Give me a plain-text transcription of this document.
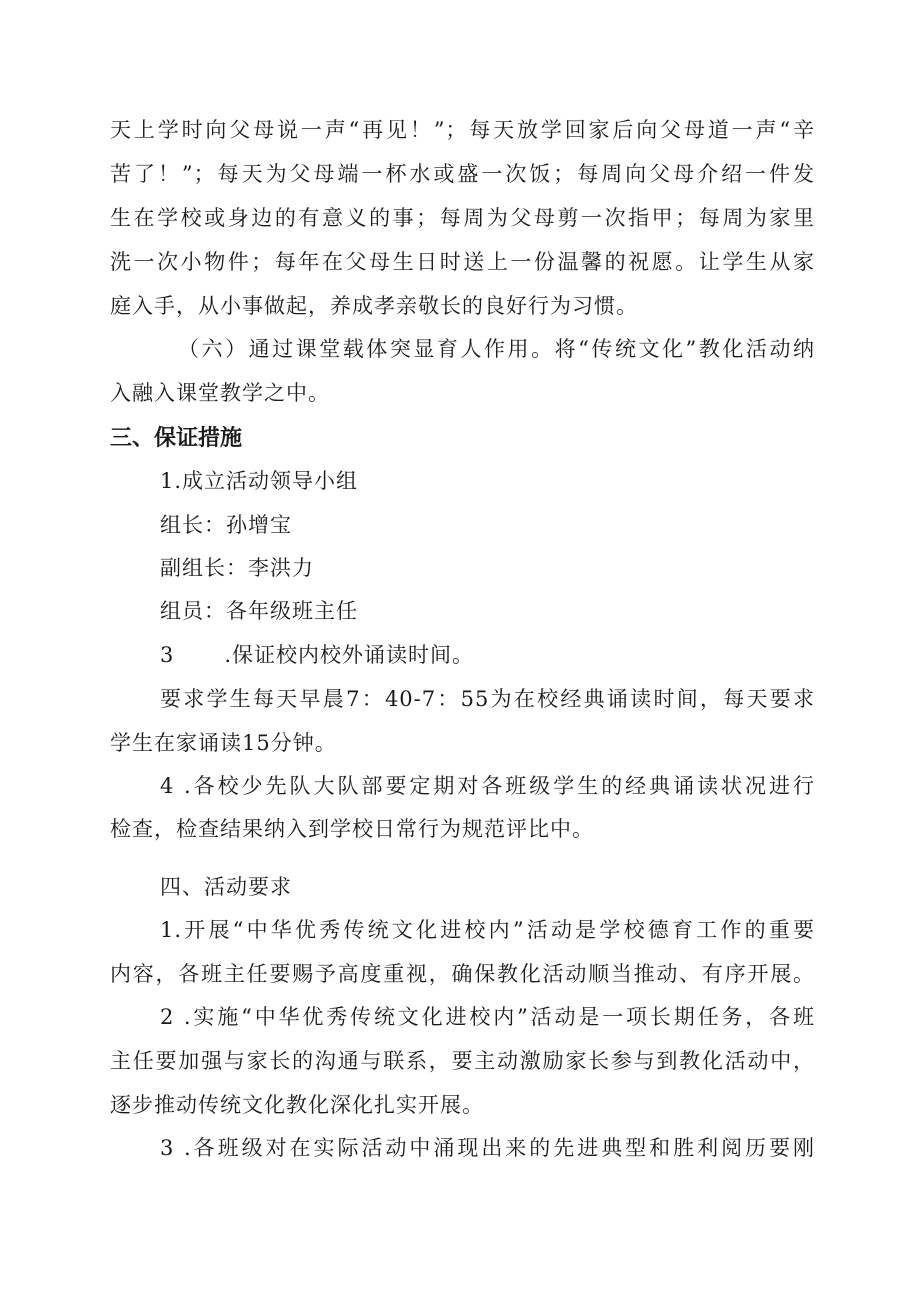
天上学时向父母说一声“再见！”；每天放学回家后向父母道一声“辛
苦了！”；每天为父母端一杯水或盛一次饭；每周向父母介绍一件发
生在学校或身边的有意义的事；每周为父母剪一次指甲；每周为家里
洗一次小物件；每年在父母生日时送上一份温馨的祝愿。让学生从家
庭入手，从小事做起，养成孝亲敬长的良好行为习惯。
（六）通过课堂载体突显育人作用。将“传统文化”教化活动纳
入融入课堂教学之中。
三、保证措施
1.成立活动领导小组
组长：孙增宝
副组长：李洪力
组员：各年级班主任
3 .保证校内校外诵读时间。
要求学生每天早晨7：40-7：55为在校经典诵读时间，每天要求
学生在家诵读15分钟。
4 .各校少先队大队部要定期对各班级学生的经典诵读状况进行
检查，检查结果纳入到学校日常行为规范评比中。
四、活动要求
1.开展“中华优秀传统文化进校内”活动是学校德育工作的重要
内容，各班主任要赐予高度重视，确保教化活动顺当推动、有序开展。
2 .实施“中华优秀传统文化进校内”活动是一项长期任务，各班
主任要加强与家长的沟通与联系，要主动激励家长参与到教化活动中，
逐步推动传统文化教化深化扎实开展。
3 .各班级对在实际活动中涌现出来的先进典型和胜利阅历要刚
